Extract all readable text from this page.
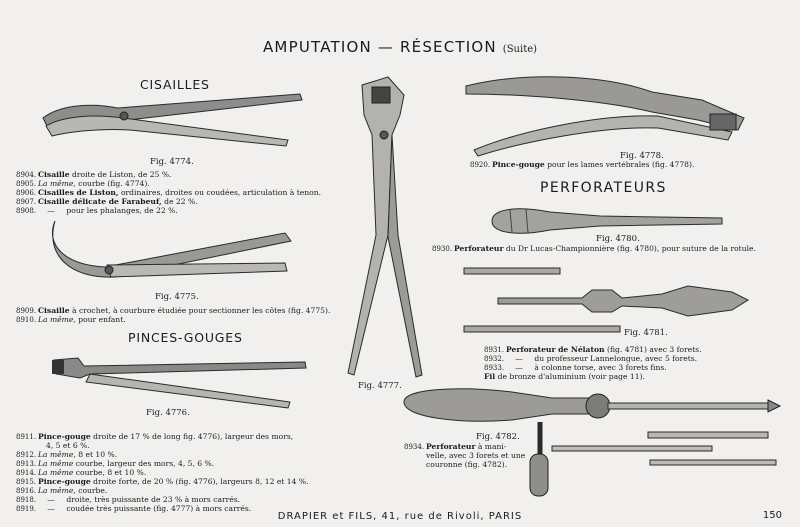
AMPUTATION — RÉSECTION (Suite)
CISAILLES
PINCES-GOUGES
PERFORATEURS
Fig. 4774.
8904. Cisaille droite de Liston, de 25 %.
8905. La même, courbe (fig. 4774).
8906. Cisailles de Liston, ordinaires, droites ou coudées, articulation à tenon.
8907. Cisaille délicate de Farabeuf, de 22 %.
8908. — pour les phalanges, de 22 %.
Fig. 4775.
8909. Cisaille à crochet, à courbure étudiée pour sectionner les côtes (fig. 4775).
8910. La même, pour enfant.
Fig. 4776.
8911. Pince-gouge droite de 17 % de long fig. 4776), largeur des mors,
4, 5 et 6 %.
8912. La même, 8 et 10 %.
8913. La même courbe, largeur des mors, 4, 5, 6 %.
8914. La même courbe, 8 et 10 %.
8915. Pince-gouge droite forte, de 20 % (fig. 4776), largeurs 8, 12 et 14 %.
8916. La même, courbe.
8918. — droite, très puissante de 23 % à mors carrés.
8919. — coudée très puissante (fig. 4777) à mors carrés.
Fig. 4777.
Fig. 4778.
8920. Pince-gouge pour les lames vertébrales (fig. 4778).
Fig. 4780.
8930. Perforateur du Dr Lucas-Championnière (fig. 4780), pour suture de la rotule.
Fig. 4781.
8931. Perforateur de Nélaton (fig. 4781) avec 3 forets.
8932. — du professeur Lannelongue, avec 5 forets.
8933. — à colonne torse, avec 3 forets fins.
Fil de bronze d'aluminium (voir page 11).
Fig. 4782.
8934. Perforateur à mani-
velle, avec 3 forets et une
couronne (fig. 4782).
DRAPIER et FILS, 41, rue de Rivoli, PARIS	150
